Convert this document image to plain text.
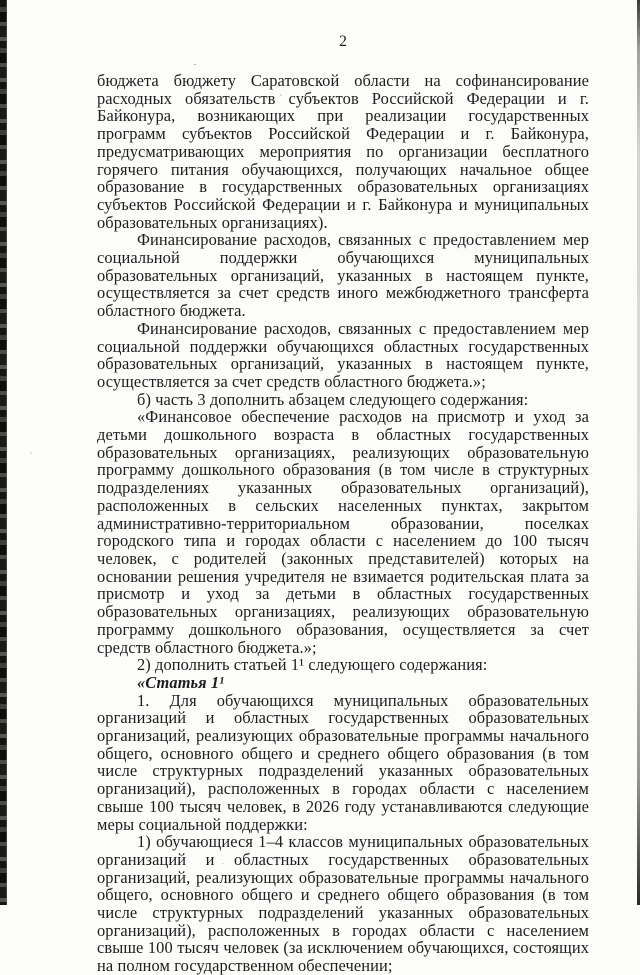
2

бюджета бюджету Саратовской области на софинансирование расходных обязательств субъектов Российской Федерации и г. Байконура, возникающих при реализации государственных программ субъектов Российской Федерации и г. Байконура, предусматривающих мероприятия по организации бесплатного горячего питания обучающихся, получающих начальное общее образование в государственных образовательных организациях субъектов Российской Федерации и г. Байконура и муниципальных образовательных организациях).

Финансирование расходов, связанных с предоставлением мер социальной поддержки обучающихся муниципальных образовательных организаций, указанных в настоящем пункте, осуществляется за счет средств иного межбюджетного трансферта областного бюджета.

Финансирование расходов, связанных с предоставлением мер социальной поддержки обучающихся областных государственных образовательных организаций, указанных в настоящем пункте, осуществляется за счет средств областного бюджета.»;

б) часть 3 дополнить абзацем следующего содержания:

«Финансовое обеспечение расходов на присмотр и уход за детьми дошкольного возраста в областных государственных образовательных организациях, реализующих образовательную программу дошкольного образования (в том числе в структурных подразделениях указанных образовательных организаций), расположенных в сельских населенных пунктах, закрытом административно-территориальном образовании, поселках городского типа и городах области с населением до 100 тысяч человек, с родителей (законных представителей) которых на основании решения учредителя не взимается родительская плата за присмотр и уход за детьми в областных государственных образовательных организациях, реализующих образовательную программу дошкольного образования, осуществляется за счет средств областного бюджета.»;

2) дополнить статьей 1¹ следующего содержания:

«Статья 1¹

1. Для обучающихся муниципальных образовательных организаций и областных государственных образовательных организаций, реализующих образовательные программы начального общего, основного общего и среднего общего образования (в том числе структурных подразделений указанных образовательных организаций), расположенных в городах области с населением свыше 100 тысяч человек, в 2026 году устанавливаются следующие меры социальной поддержки:

1) обучающиеся 1–4 классов муниципальных образовательных организаций и областных государственных образовательных организаций, реализующих образовательные программы начального общего, основного общего и среднего общего образования (в том числе структурных подразделений указанных образовательных организаций), расположенных в городах области с населением свыше 100 тысяч человек (за исключением обучающихся, состоящих на полном государственном обеспечении;
